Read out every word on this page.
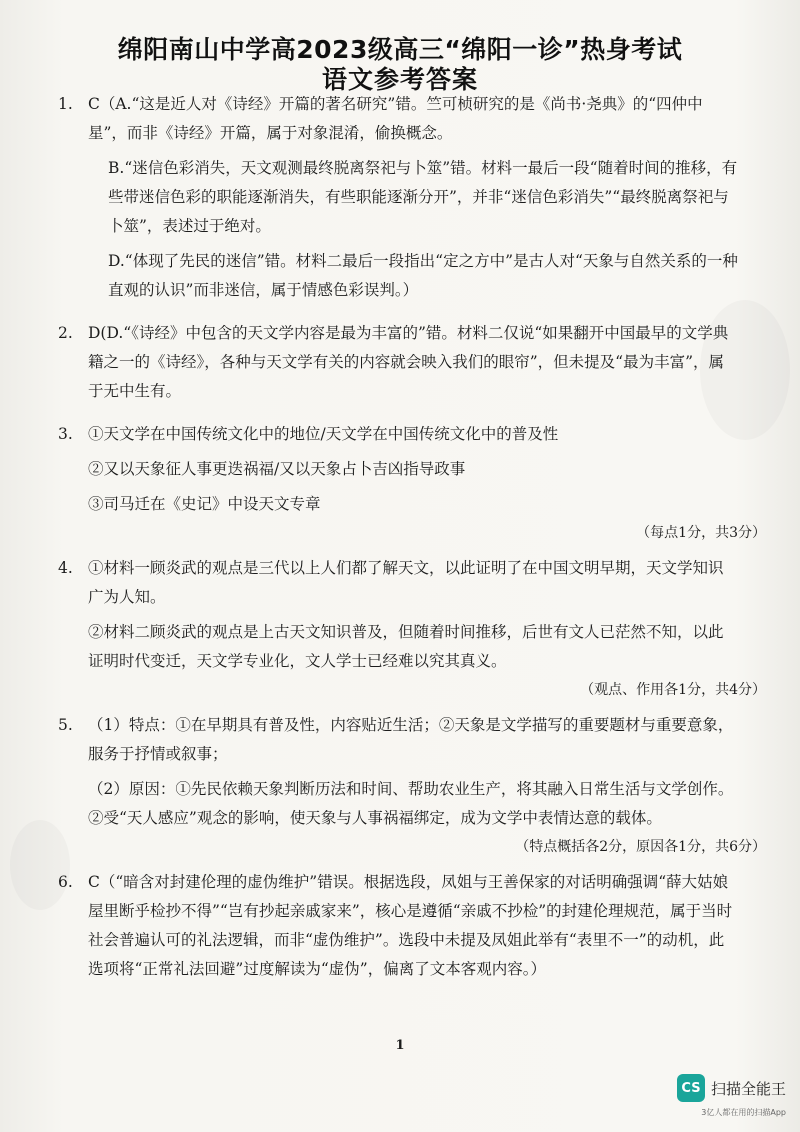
绵阳南山中学高2023级高三“绵阳一诊”热身考试
语文参考答案
1. C（A.“这是近人对《诗经》开篇的著名研究”错。竺可桢研究的是《尚书·尧典》的“四仲中星”，而非《诗经》开篇，属于对象混淆，偷换概念。
B.“迷信色彩消失，天文观测最终脱离祭祀与卜筮”错。材料一最后一段“随着时间的推移，有些带迷信色彩的职能逐渐消失，有些职能逐渐分开”，并非“迷信色彩消失”“最终脱离祭祀与卜筮”，表述过于绝对。
D.“体现了先民的迷信”错。材料二最后一段指出“定之方中”是古人对“天象与自然关系的一种直观的认识”而非迷信，属于情感色彩误判。）
2. D(D.“《诗经》中包含的天文学内容是最为丰富的”错。材料二仅说“如果翻开中国最早的文学典籍之一的《诗经》，各种与天文学有关的内容就会映入我们的眼帘”，但未提及“最为丰富”，属于无中生有。
3. ①天文学在中国传统文化中的地位/天文学在中国传统文化中的普及性
②又以天象征人事更迭祸福/又以天象占卜吉凶指导政事
③司马迁在《史记》中设天文专章
（每点1分，共3分）
4. ①材料一顾炎武的观点是三代以上人们都了解天文，以此证明了在中国文明早期，天文学知识广为人知。
②材料二顾炎武的观点是上古天文知识普及，但随着时间推移，后世有文人已茫然不知，以此证明时代变迁，天文学专业化，文人学士已经难以究其真义。
（观点、作用各1分，共4分）
5. （1）特点：①在早期具有普及性，内容贴近生活；②天象是文学描写的重要题材与重要意象，服务于抒情或叙事；
（2）原因：①先民依赖天象判断历法和时间、帮助农业生产，将其融入日常生活与文学创作。②受“天人感应”观念的影响，使天象与人事祸福绑定，成为文学中表情达意的载体。
（特点概括各2分，原因各1分，共6分）
6. C（“暗含对封建伦理的虚伪维护”错误。根据选段，凤姐与王善保家的对话明确强调“薛大姑娘屋里断乎检抄不得”“岂有抄起亲戚家来”，核心是遵循“亲戚不抄检”的封建伦理规范，属于当时社会普遍认可的礼法逻辑，而非“虚伪维护”。选段中未提及凤姐此举有“表里不一”的动机，此选项将“正常礼法回避”过度解读为“虚伪”，偏离了文本客观内容。）
1
CS 扫描全能王
3亿人都在用的扫描App
